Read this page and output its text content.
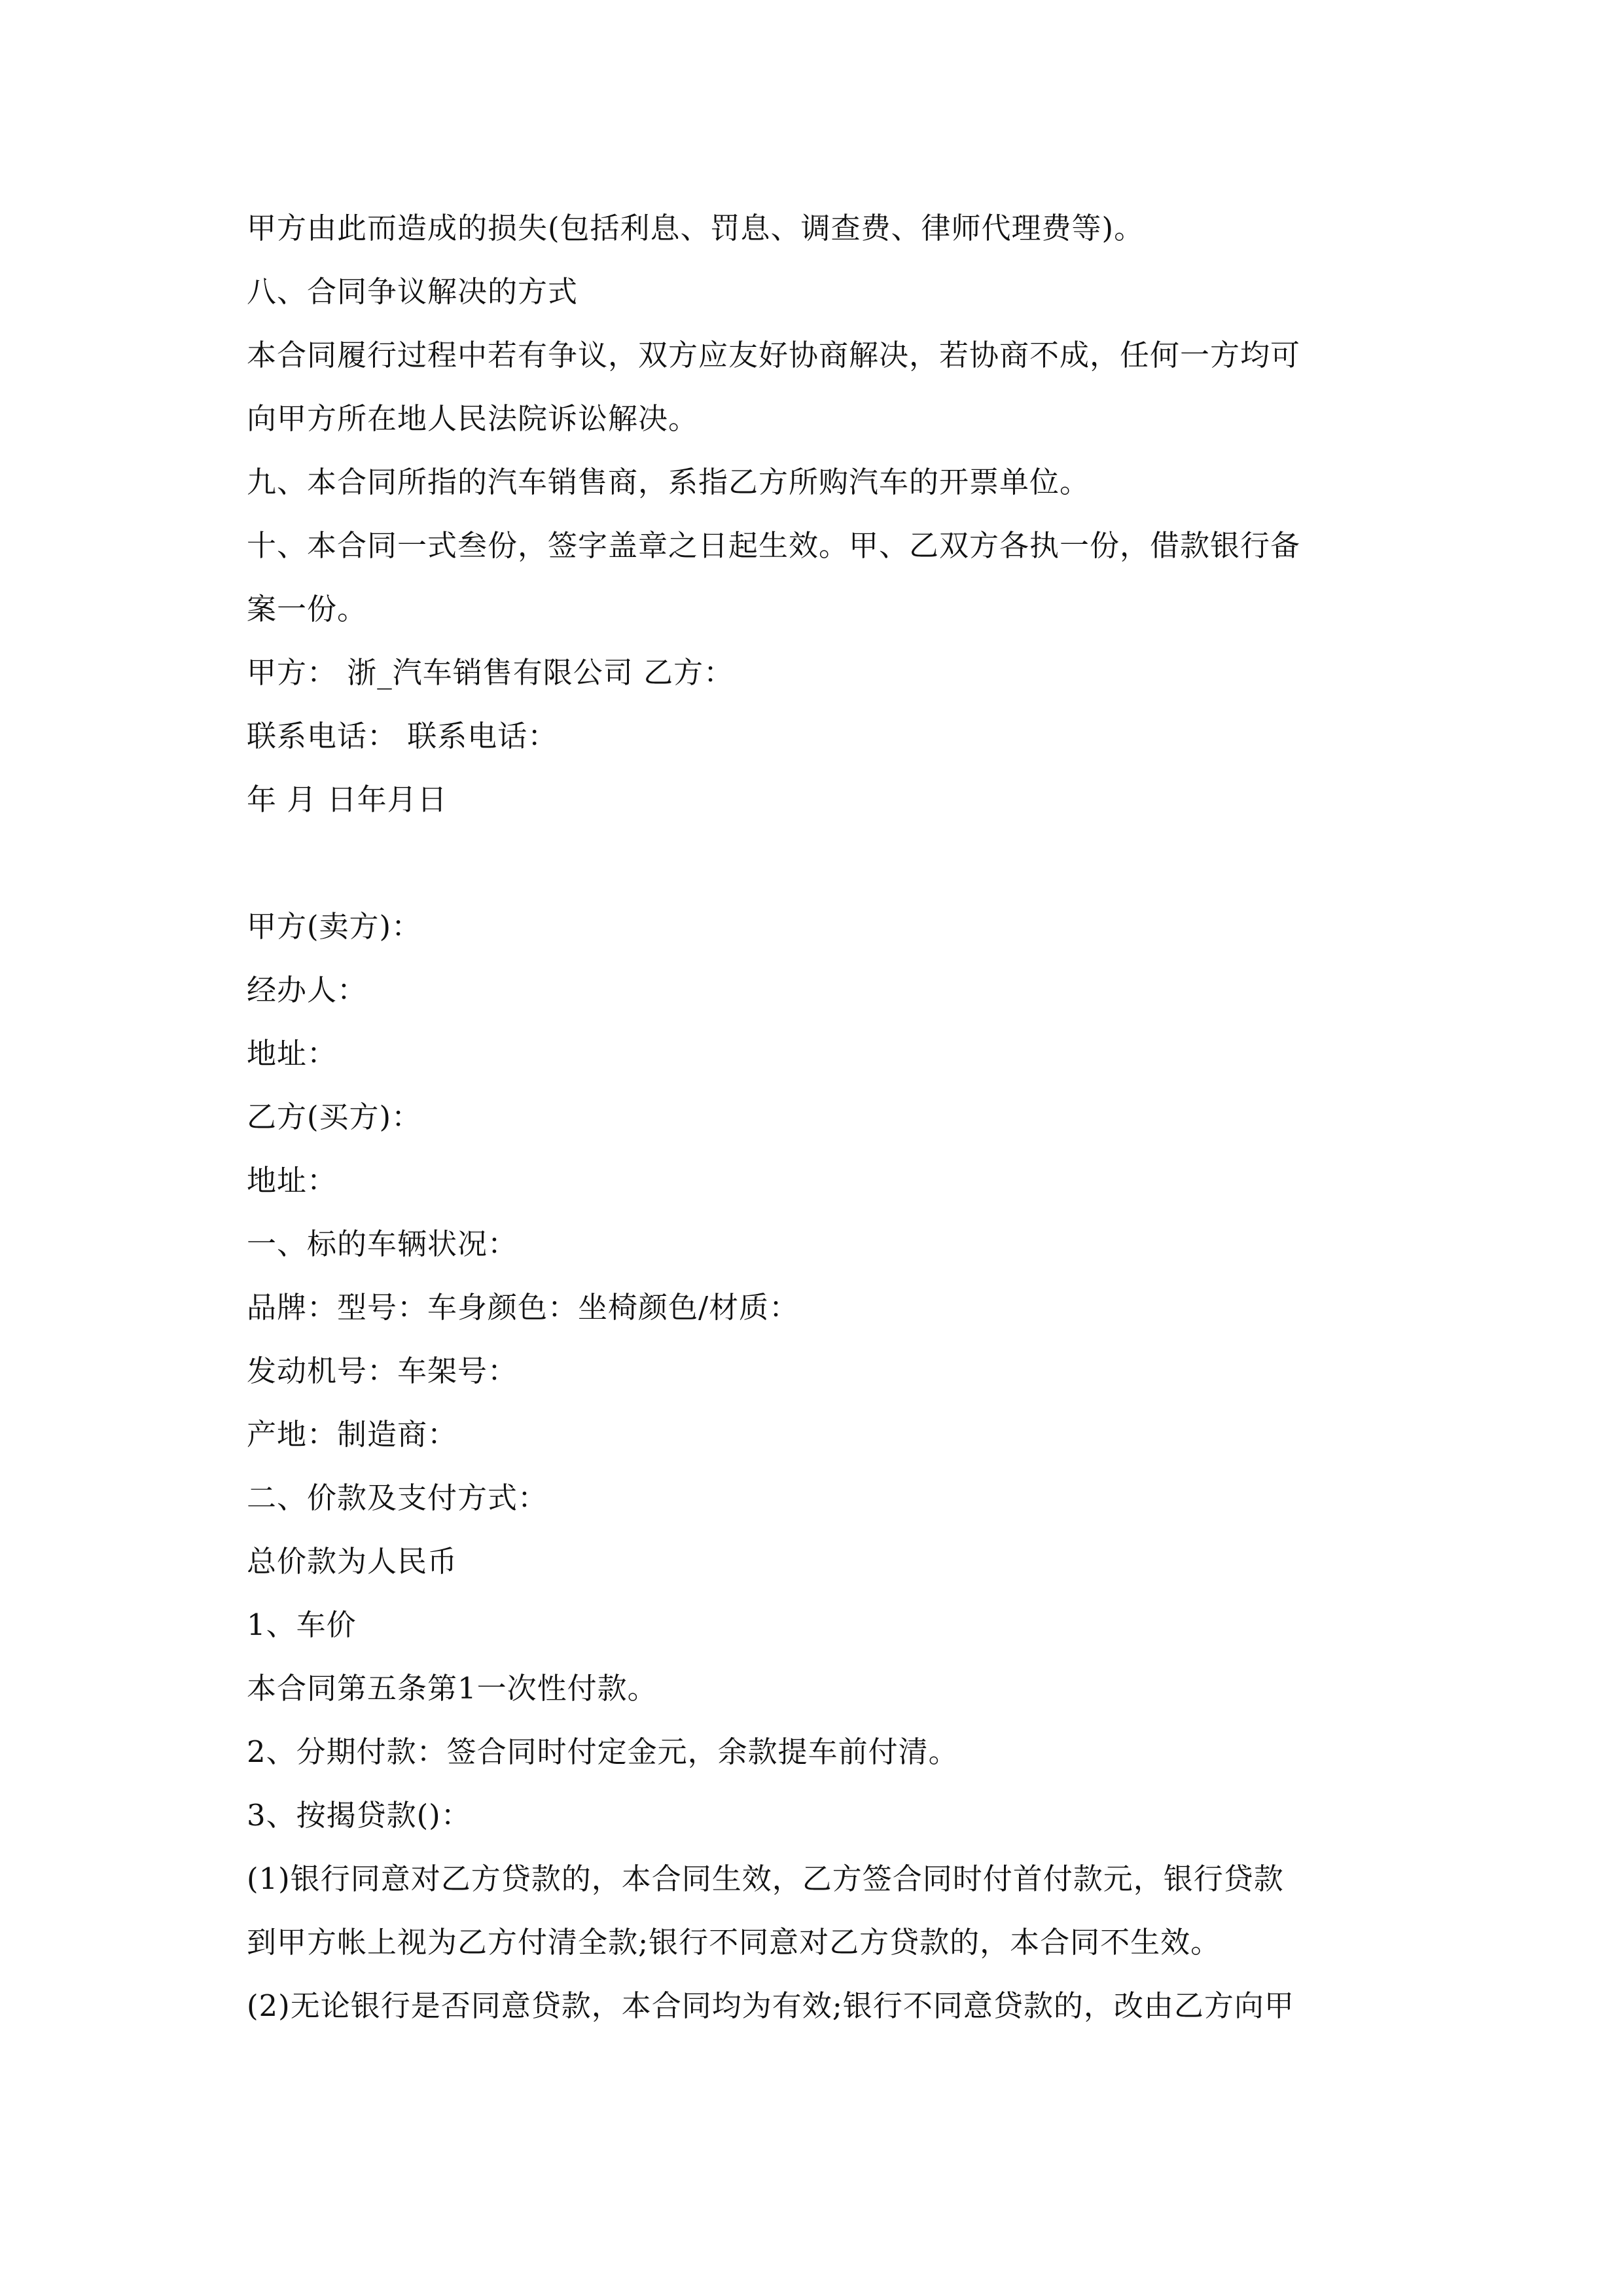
甲方由此而造成的损失(包括利息、罚息、调查费、律师代理费等)。
八、合同争议解决的方式
本合同履行过程中若有争议，双方应友好协商解决，若协商不成，任何一方均可
向甲方所在地人民法院诉讼解决。
九、本合同所指的汽车销售商，系指乙方所购汽车的开票单位。
十、本合同一式叁份，签字盖章之日起生效。甲、乙双方各执一份，借款银行备
案一份。
甲方： 浙_汽车销售有限公司 乙方：
联系电话： 联系电话：
年 月 日年月日
甲方(卖方)：
经办人：
地址：
乙方(买方)：
地址：
一、标的车辆状况：
品牌：型号：车身颜色：坐椅颜色/材质：
发动机号：车架号：
产地：制造商：
二、价款及支付方式：
总价款为人民币
1、车价
本合同第五条第1一次性付款。
2、分期付款：签合同时付定金元，余款提车前付清。
3、按揭贷款()：
(1)银行同意对乙方贷款的，本合同生效，乙方签合同时付首付款元，银行贷款
到甲方帐上视为乙方付清全款;银行不同意对乙方贷款的，本合同不生效。
(2)无论银行是否同意贷款，本合同均为有效;银行不同意贷款的，改由乙方向甲
